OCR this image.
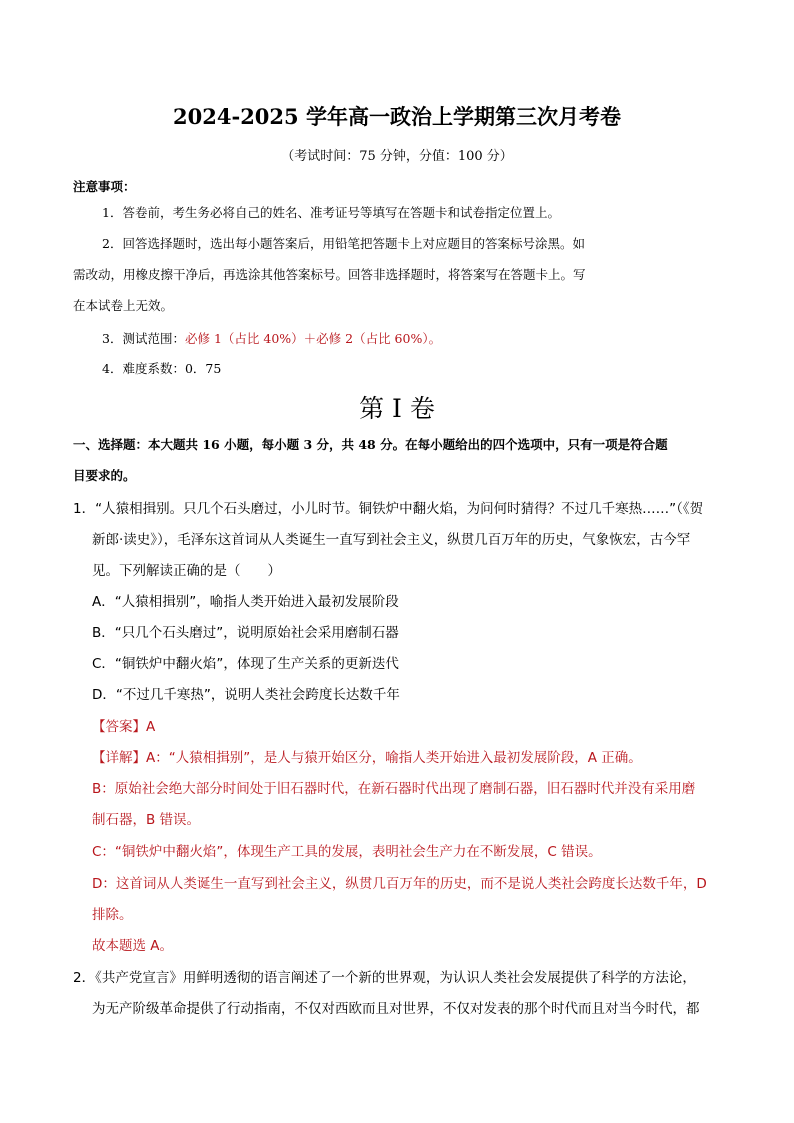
2024-2025 学年高一政治上学期第三次月考卷
（考试时间：75 分钟，分值：100 分）
注意事项：
1．答卷前，考生务必将自己的姓名、准考证号等填写在答题卡和试卷指定位置上。
2．回答选择题时，选出每小题答案后，用铅笔把答题卡上对应题目的答案标号涂黑。如
需改动，用橡皮擦干净后，再选涂其他答案标号。回答非选择题时，将答案写在答题卡上。写
在本试卷上无效。
3．测试范围：必修 1（占比 40%）＋必修 2（占比 60%）。
4．难度系数：0．75
第 I 卷
一、选择题：本大题共 16 小题，每小题 3 分，共 48 分。在每小题给出的四个选项中，只有一项是符合题
目要求的。
1．“人猿相揖别。只几个石头磨过，小儿时节。铜铁炉中翻火焰，为问何时猜得？不过几千寒热……”（《贺
新郎·读史》），毛泽东这首词从人类诞生一直写到社会主义，纵贯几百万年的历史，气象恢宏，古今罕
见。下列解读正确的是（　　）
A．“人猿相揖别”，喻指人类开始进入最初发展阶段
B．“只几个石头磨过”，说明原始社会采用磨制石器
C．“铜铁炉中翻火焰”，体现了生产关系的更新迭代
D．“不过几千寒热”，说明人类社会跨度长达数千年
【答案】A
【详解】A：“人猿相揖别”，是人与猿开始区分，喻指人类开始进入最初发展阶段，A 正确。
B：原始社会绝大部分时间处于旧石器时代，在新石器时代出现了磨制石器，旧石器时代并没有采用磨
制石器，B 错误。
C：“铜铁炉中翻火焰”，体现生产工具的发展，表明社会生产力在不断发展，C 错误。
D：这首词从人类诞生一直写到社会主义，纵贯几百万年的历史，而不是说人类社会跨度长达数千年，D
排除。
故本题选 A。
2．《共产党宣言》用鲜明透彻的语言阐述了一个新的世界观，为认识人类社会发展提供了科学的方法论，
为无产阶级革命提供了行动指南，不仅对西欧而且对世界，不仅对发表的那个时代而且对当今时代，都
